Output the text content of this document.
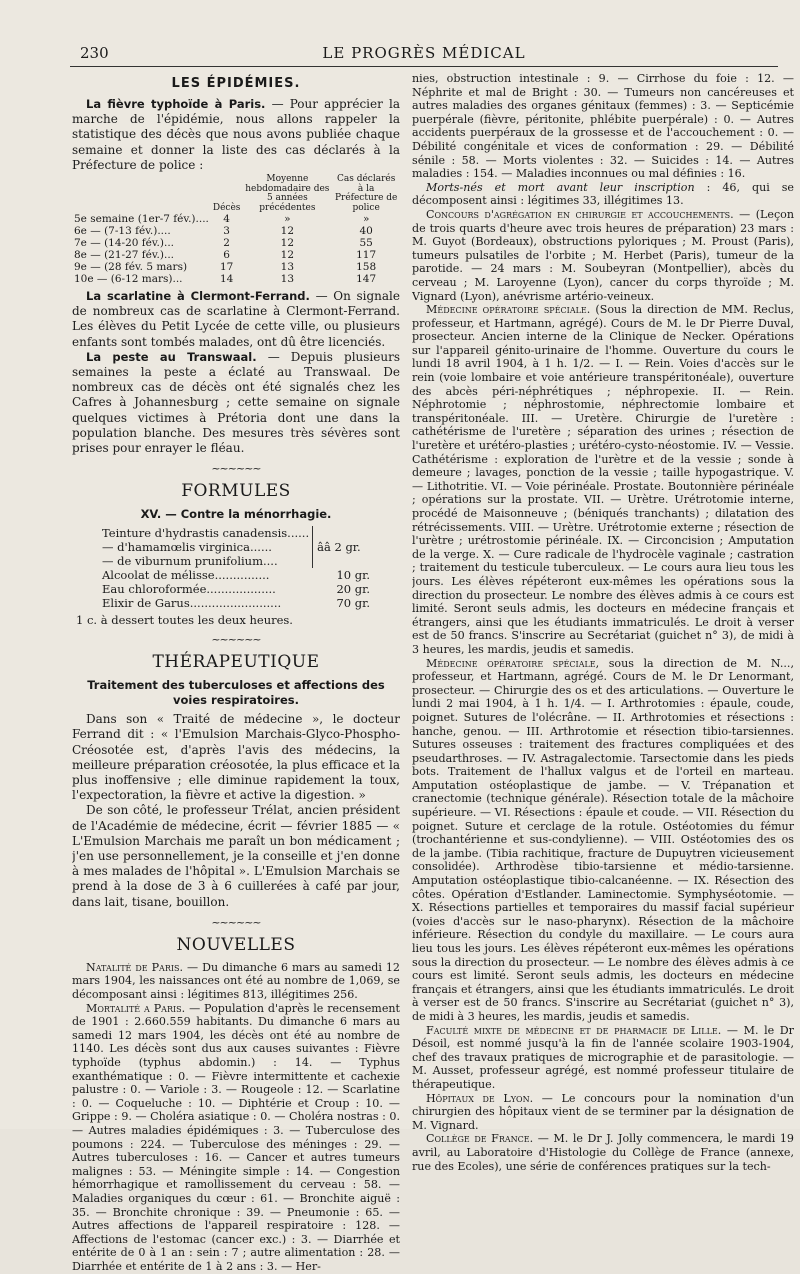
230	LE PROGRÈS MÉDICAL
LES ÉPIDÉMIES.

La fièvre typhoïde à Paris. — Pour apprécier la marche de l'épidémie, nous allons rappeler la statistique des décès que nous avons publiée chaque semaine et donner la liste des cas déclarés à la Préfecture de police :

	Décès	Moyenne hebdomadaire des 5 années précédentes	Cas déclarés à la Préfecture de police
5e semaine (1er-7 fév.)....	4	»	»
6e — (7-13 fév.)....	3	12	40
7e — (14-20 fév.)...	2	12	55
8e — (21-27 fév.)...	6	12	117
9e — (28 fév. 5 mars)	17	13	158
10e — (6-12 mars)...	14	13	147

La scarlatine à Clermont-Ferrand. — On signale de nombreux cas de scarlatine à Clermont-Ferrand. Les élèves du Petit Lycée de cette ville, ou plusieurs enfants sont tombés malades, ont dû être licenciés.

La peste au Transwaal. — Depuis plusieurs semaines la peste a éclaté au Transwaal. De nombreux cas de décès ont été signalés chez les Cafres à Johannesburg ; cette semaine on signale quelques victimes à Prétoria dont une dans la population blanche. Des mesures très sévères sont prises pour enrayer le fléau.

~~~~~~
FORMULES
XV. — Contre la ménorrhagie.
Teinture d'hydrastis canadensis......
— d'hamamœlis virginica......
— de viburnum prunifolium....
ââ 2 gr.
Alcoolat de mélisse...............	10 gr.
Eau chloroformée...................	20 gr.
Elixir de Garus.........................	70 gr.
1 c. à dessert toutes les deux heures.
~~~~~~
THÉRAPEUTIQUE
Traitement des tuberculoses et affections des voies respiratoires.

Dans son « Traité de médecine », le docteur Ferrand dit : « l'Emulsion Marchais-Glyco-Phospho-Créosotée est, d'après l'avis des médecins, la meilleure préparation créosotée, la plus efficace et la plus inoffensive ; elle diminue rapidement la toux, l'expectoration, la fièvre et active la digestion. »

De son côté, le professeur Trélat, ancien président de l'Académie de médecine, écrit — février 1885 — « L'Emulsion Marchais me paraît un bon médicament ; j'en use personnellement, je la conseille et j'en donne à mes malades de l'hôpital ». L'Emulsion Marchais se prend à la dose de 3 à 6 cuillerées à café par jour, dans lait, tisane, bouillon.

~~~~~~
NOUVELLES

Natalité de Paris. — Du dimanche 6 mars au samedi 12 mars 1904, les naissances ont été au nombre de 1,069, se décomposant ainsi : légitimes 813, illégitimes 256.

Mortalité a Paris. — Population d'après le recensement de 1901 : 2.660.559 habitants. Du dimanche 6 mars au samedi 12 mars 1904, les décès ont été au nombre de 1140. Les décès sont dus aux causes suivantes : Fièvre typhoïde (typhus abdomin.) : 14. — Typhus exanthématique : 0. — Fièvre intermittente et cachexie palustre : 0. — Variole : 3. — Rougeole : 12. — Scarlatine : 0. — Coqueluche : 10. — Diphtérie et Croup : 10. — Grippe : 9. — Choléra asiatique : 0. — Choléra nostras : 0. — Autres maladies épidémiques : 3. — Tuberculose des poumons : 224. — Tuberculose des méninges : 29. — Autres tuberculoses : 16. — Cancer et autres tumeurs malignes : 53. — Méningite simple : 14. — Congestion hémorrhagique et ramollissement du cerveau : 58. — Maladies organiques du cœur : 61. — Bronchite aiguë : 35. — Bronchite chronique : 39. — Pneumonie : 65. — Autres affections de l'appareil respiratoire : 128. — Affections de l'estomac (cancer exc.) : 3. — Diarrhée et entérite de 0 à 1 an : sein : 7 ; autre alimentation : 28. — Diarrhée et entérite de 1 à 2 ans : 3. — Her-

nies, obstruction intestinale : 9. — Cirrhose du foie : 12. — Néphrite et mal de Bright : 30. — Tumeurs non cancéreuses et autres maladies des organes génitaux (femmes) : 3. — Septicémie puerpérale (fièvre, péritonite, phlébite puerpérale) : 0. — Autres accidents puerpéraux de la grossesse et de l'accouchement : 0. — Débilité congénitale et vices de conformation : 29. — Débilité sénile : 58. — Morts violentes : 32. — Suicides : 14. — Autres maladies : 154. — Maladies inconnues ou mal définies : 16.

Morts-nés et mort avant leur inscription : 46, qui se décomposent ainsi : légitimes 33, illégitimes 13.

Concours d'agrégation en chirurgie et accouchements. — (Leçon de trois quarts d'heure avec trois heures de préparation) 23 mars : M. Guyot (Bordeaux), obstructions pyloriques ; M. Proust (Paris), tumeurs pulsatiles de l'orbite ; M. Herbet (Paris), tumeur de la parotide. — 24 mars : M. Soubeyran (Montpellier), abcès du cerveau ; M. Laroyenne (Lyon), cancer du corps thyroïde ; M. Vignard (Lyon), anévrisme artério-veineux.

Médecine opératoire spéciale. (Sous la direction de MM. Reclus, professeur, et Hartmann, agrégé). Cours de M. le Dr Pierre Duval, prosecteur. Ancien interne de la Clinique de Necker. Opérations sur l'appareil génito-urinaire de l'homme. Ouverture du cours le lundi 18 avril 1904, à 1 h. 1/2. — I. — Rein. Voies d'accès sur le rein (voie lombaire et voie antérieure transpéritonéale), ouverture des abcès péri-néphrétiques ; néphropexie. II. — Rein. Néphrotomie ; néphrostomie, néphrectomie lombaire et transpéritonéale. III. — Uretère. Chirurgie de l'uretère : cathétérisme de l'uretère ; séparation des urines ; résection de l'uretère et urétéro-plasties ; urétéro-cysto-néostomie. IV. — Vessie. Cathétérisme : exploration de l'urètre et de la vessie ; sonde à demeure ; lavages, ponction de la vessie ; taille hypogastrique. V. — Lithotritie. VI. — Voie périnéale. Prostate. Boutonnière périnéale ; opérations sur la prostate. VII. — Urètre. Urétrotomie interne, procédé de Maisonneuve ; (béniqués tranchants) ; dilatation des rétrécissements. VIII. — Urètre. Urétrotomie externe ; résection de l'urètre ; urétrostomie périnéale. IX. — Circoncision ; Amputation de la verge. X. — Cure radicale de l'hydrocèle vaginale ; castration ; traitement du testicule tuberculeux. — Le cours aura lieu tous les jours. Les élèves répéteront eux-mêmes les opérations sous la direction du prosecteur. Le nombre des élèves admis à ce cours est limité. Seront seuls admis, les docteurs en médecine français et étrangers, ainsi que les étudiants immatriculés. Le droit à verser est de 50 francs. S'inscrire au Secrétariat (guichet n° 3), de midi à 3 heures, les mardis, jeudis et samedis.

Médecine opératoire spéciale, sous la direction de M. N..., professeur, et Hartmann, agrégé. Cours de M. le Dr Lenormant, prosecteur. — Chirurgie des os et des articulations. — Ouverture le lundi 2 mai 1904, à 1 h. 1/4. — I. Arthrotomies : épaule, coude, poignet. Sutures de l'olécrâne. — II. Arthrotomies et résections : hanche, genou. — III. Arthrotomie et résection tibio-tarsiennes. Sutures osseuses : traitement des fractures compliquées et des pseudarthroses. — IV. Astragalectomie. Tarsectomie dans les pieds bots. Traitement de l'hallux valgus et de l'orteil en marteau. Amputation ostéoplastique de jambe. — V. Trépanation et cranectomie (technique générale). Résection totale de la mâchoire supérieure. — VI. Résections : épaule et coude. — VII. Résection du poignet. Suture et cerclage de la rotule. Ostéotomies du fémur (trochantérienne et sus-condylienne). — VIII. Ostéotomies des os de la jambe. (Tibia rachitique, fracture de Dupuytren vicieusement consolidée). Arthrodèse tibio-tarsienne et médio-tarsienne. Amputation ostéoplastique tibio-calcanéenne. — IX. Résection des côtes. Opération d'Estlander. Laminectomie. Symphyséotomie. — X. Résections partielles et temporaires du massif facial supérieur (voies d'accès sur le naso-pharynx). Résection de la mâchoire inférieure. Résection du condyle du maxillaire. — Le cours aura lieu tous les jours. Les élèves répéteront eux-mêmes les opérations sous la direction du prosecteur. — Le nombre des élèves admis à ce cours est limité. Seront seuls admis, les docteurs en médecine français et étrangers, ainsi que les étudiants immatriculés. Le droit à verser est de 50 francs. S'inscrire au Secrétariat (guichet n° 3), de midi à 3 heures, les mardis, jeudis et samedis.

Faculté mixte de médecine et de pharmacie de Lille. — M. le Dr Désoil, est nommé jusqu'à la fin de l'année scolaire 1903-1904, chef des travaux pratiques de micrographie et de parasitologie. — M. Ausset, professeur agrégé, est nommé professeur titulaire de thérapeutique.

Hôpitaux de Lyon. — Le concours pour la nomination d'un chirurgien des hôpitaux vient de se terminer par la désignation de M. Vignard.

Collège de France. — M. le Dr J. Jolly commencera, le mardi 19 avril, au Laboratoire d'Histologie du Collège de France (annexe, rue des Ecoles), une série de conférences pratiques sur la tech-
